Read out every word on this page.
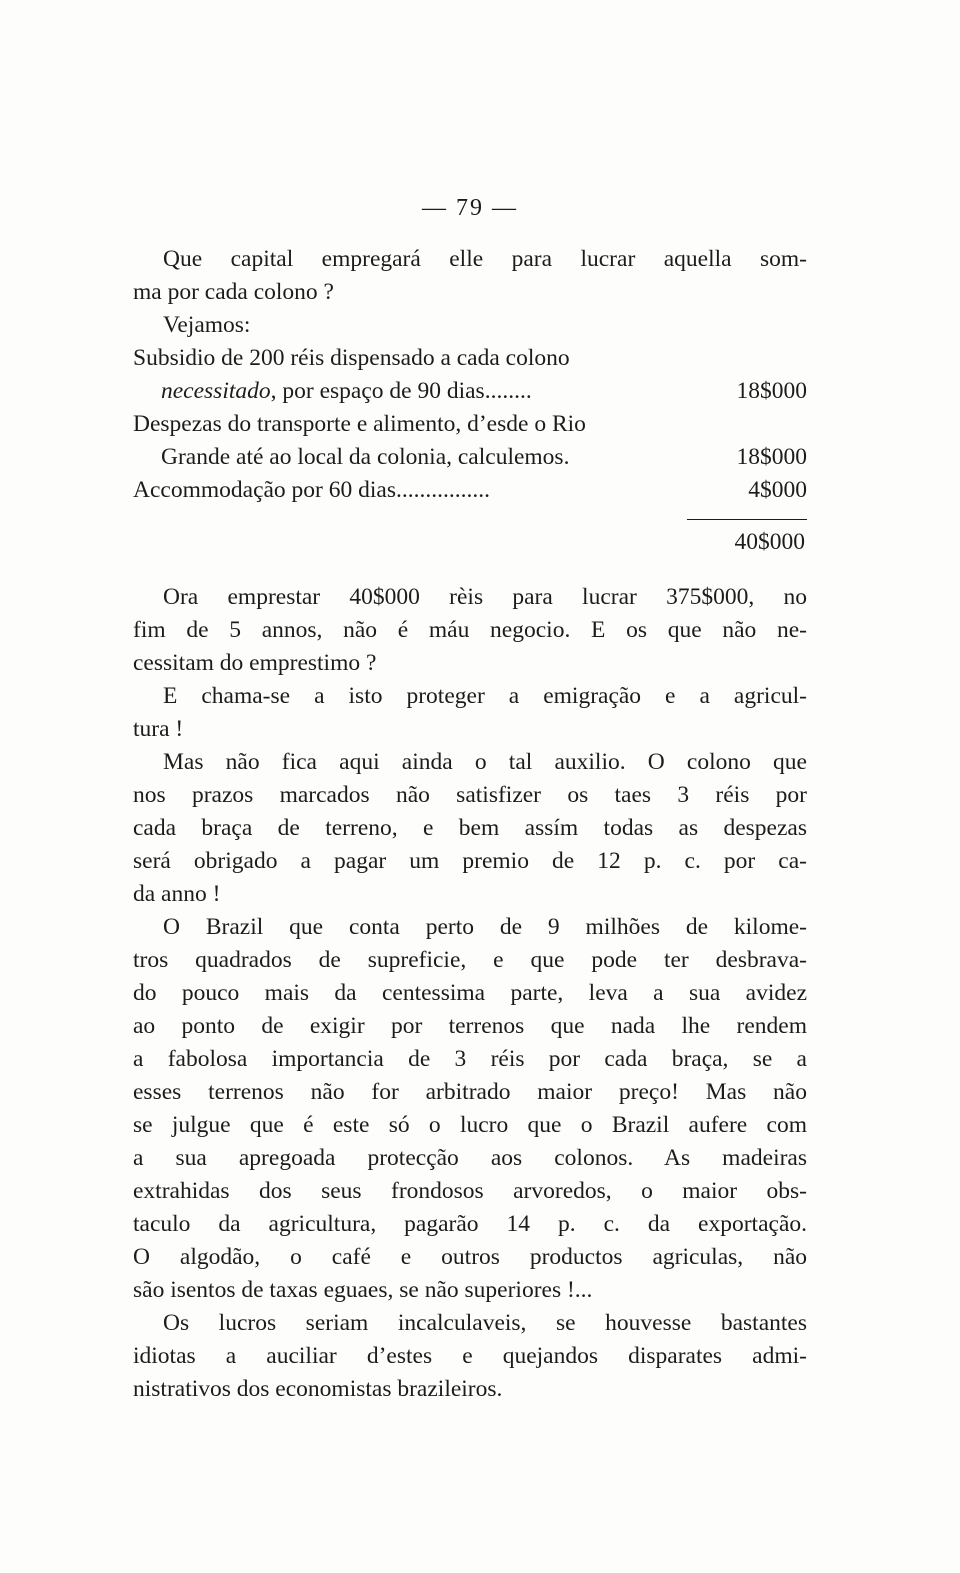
— 79 —

Que capital empregará elle para lucrar aquella som-

ma por cada colono ?

Vejamos:

Subsidio de 200 réis dispensado a cada colono
necessitado, por espaço de 90 dias........	18$000
Despezas do transporte e alimento, d’esde o Rio
Grande até ao local da colonia, calculemos.	18$000
Accommodação por 60 dias................	4$000
40$000

Ora emprestar 40$000 rèis para lucrar 375$000, no

fim de 5 annos, não é máu negocio. E os que não ne-

cessitam do emprestimo ?

E chama-se a isto proteger a emigração e a agricul-

tura !

Mas não fica aqui ainda o tal auxilio. O colono que

nos prazos marcados não satisfizer os taes 3 réis por

cada braça de terreno, e bem assím todas as despezas

será obrigado a pagar um premio de 12 p. c. por ca-

da anno !

O Brazil que conta perto de 9 milhões de kilome-

tros quadrados de supreficie, e que pode ter desbrava-

do pouco mais da centessima parte, leva a sua avidez

ao ponto de exigir por terrenos que nada lhe rendem

a fabolosa importancia de 3 réis por cada braça, se a

esses terrenos não for arbitrado maior preço! Mas não

se julgue que é este só o lucro que o Brazil aufere com

a sua apregoada protecção aos colonos. As madeiras

extrahidas dos seus frondosos arvoredos, o maior obs-

taculo da agricultura, pagarão 14 p. c. da exportação.

O algodão, o café e outros productos agriculas, não

são isentos de taxas eguaes, se não superiores !...

Os lucros seriam incalculaveis, se houvesse bastantes

idiotas a auciliar d’estes e quejandos disparates admi-

nistrativos dos economistas brazileiros.
